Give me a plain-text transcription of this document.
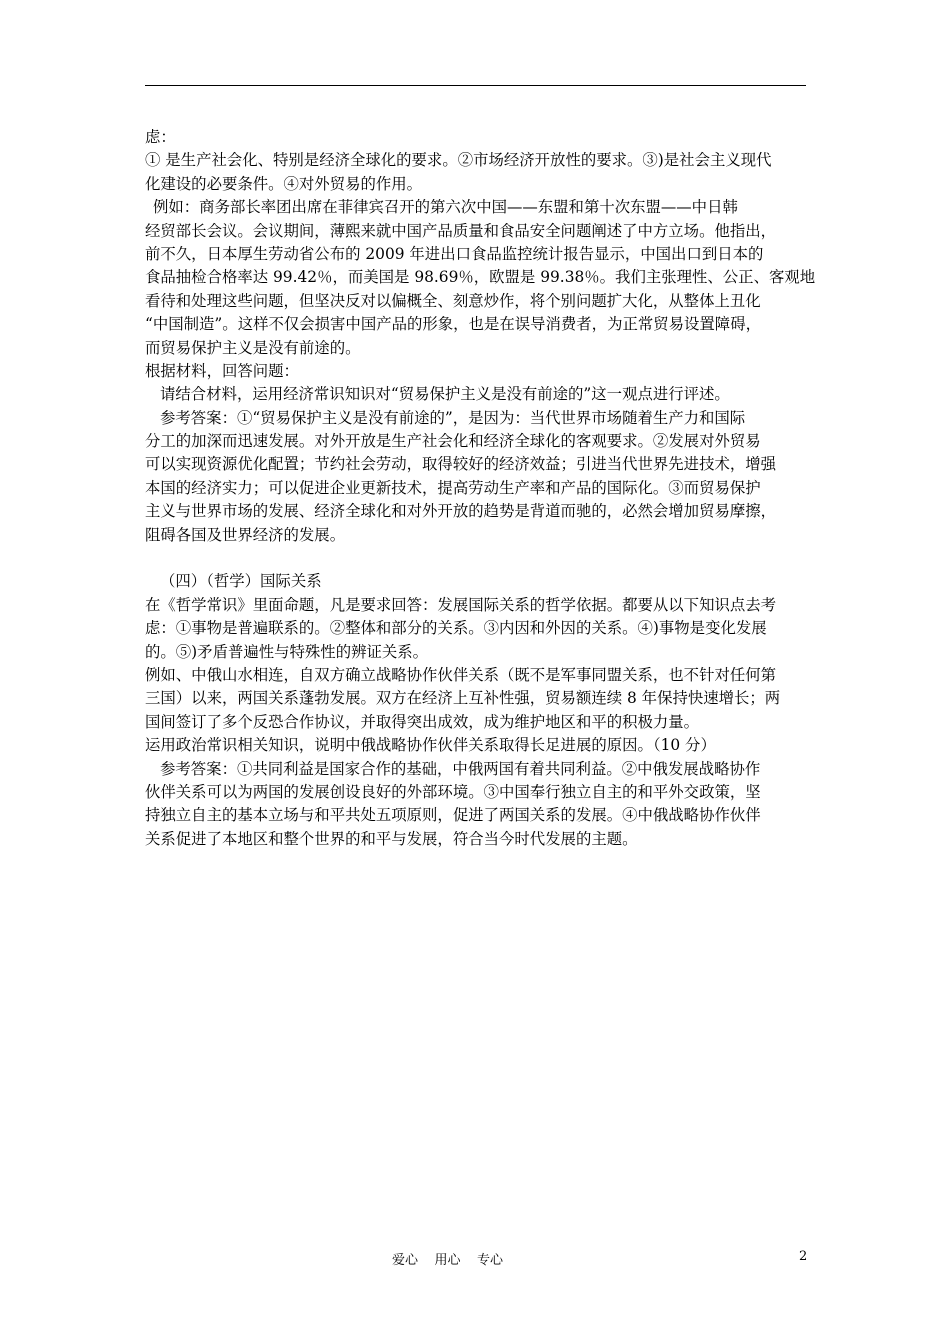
虑：
① 是生产社会化、特别是经济全球化的要求。②市场经济开放性的要求。③)是社会主义现代
化建设的必要条件。④对外贸易的作用。
例如：商务部长率团出席在菲律宾召开的第六次中国——东盟和第十次东盟——中日韩
经贸部长会议。会议期间，薄熙来就中国产品质量和食品安全问题阐述了中方立场。他指出，
前不久，日本厚生劳动省公布的 2009 年进出口食品监控统计报告显示，中国出口到日本的
食品抽检合格率达 99.42％，而美国是 98.69％，欧盟是 99.38％。我们主张理性、公正、客观地
看待和处理这些问题，但坚决反对以偏概全、刻意炒作，将个别问题扩大化，从整体上丑化
“中国制造”。这样不仅会损害中国产品的形象，也是在误导消费者，为正常贸易设置障碍，
而贸易保护主义是没有前途的。
根据材料，回答问题：
请结合材料，运用经济常识知识对“贸易保护主义是没有前途的”这一观点进行评述。
参考答案：①“贸易保护主义是没有前途的”，是因为：当代世界市场随着生产力和国际
分工的加深而迅速发展。对外开放是生产社会化和经济全球化的客观要求。②发展对外贸易
可以实现资源优化配置；节约社会劳动，取得较好的经济效益；引进当代世界先进技术，增强
本国的经济实力；可以促进企业更新技术，提高劳动生产率和产品的国际化。③而贸易保护
主义与世界市场的发展、经济全球化和对外开放的趋势是背道而驰的，必然会增加贸易摩擦，
阻碍各国及世界经济的发展。
（四）（哲学）国际关系
在《哲学常识》里面命题，凡是要求回答：发展国际关系的哲学依据。都要从以下知识点去考
虑：①事物是普遍联系的。②整体和部分的关系。③内因和外因的关系。④)事物是变化发展
的。⑤)矛盾普遍性与特殊性的辨证关系。
例如、中俄山水相连，自双方确立战略协作伙伴关系（既不是军事同盟关系，也不针对任何第
三国）以来，两国关系蓬勃发展。双方在经济上互补性强，贸易额连续 8 年保持快速增长；两
国间签订了多个反恐合作协议，并取得突出成效，成为维护地区和平的积极力量。
运用政治常识相关知识，说明中俄战略协作伙伴关系取得长足进展的原因。（10 分）
参考答案：①共同利益是国家合作的基础，中俄两国有着共同利益。②中俄发展战略协作
伙伴关系可以为两国的发展创设良好的外部环境。③中国奉行独立自主的和平外交政策，坚
持独立自主的基本立场与和平共处五项原则，促进了两国关系的发展。④中俄战略协作伙伴
关系促进了本地区和整个世界的和平与发展，符合当今时代发展的主题。
爱心    用心    专心	2
